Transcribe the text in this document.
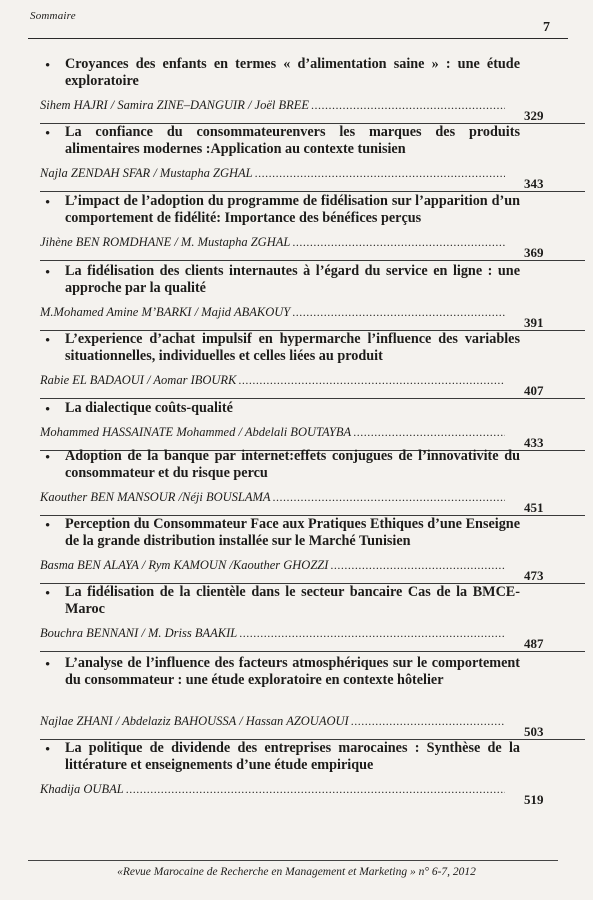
Sommaire
7
• Croyances des enfants en termes « d’alimentation saine » : une étude exploratoire
Sihem HAJRI / Samira ZINE–DANGUIR / Joël BREE
.....
329
• La confiance du consommateurenvers les marques des produits alimentaires modernes :Application au contexte tunisien
Najla ZENDAH SFAR / Mustapha ZGHAL
.....
343
• L’impact de l’adoption du programme de fidélisation sur l’apparition d’un comportement de fidélité: Importance des bénéfices perçus
Jihène BEN ROMDHANE / M. Mustapha ZGHAL
.....
369
• La fidélisation des clients internautes à l’égard du service en ligne : une approche par la qualité
M.Mohamed Amine M’BARKI / Majid ABAKOUY
.....
391
• L’experience d’achat impulsif en hypermarche l’influence des variables situationnelles, individuelles et celles liées au produit
Rabie EL BADAOUI / Aomar IBOURK
.....
407
• La dialectique coûts-qualité
Mohammed HASSAINATE Mohammed / Abdelali BOUTAYBA
.....
433
• Adoption de la banque par internet:effets conjugues de l’innovativite du consommateur et du risque percu
Kaouther BEN MANSOUR /Néji BOUSLAMA
.....
451
• Perception du Consommateur Face aux Pratiques Ethiques d’une Enseigne de la grande distribution installée sur le Marché Tunisien
Basma BEN ALAYA / Rym KAMOUN /Kaouther GHOZZI
.....
473
• La fidélisation de la clientèle dans le secteur bancaire Cas de la BMCE- Maroc
Bouchra BENNANI / M. Driss BAAKIL
.....
487
• L’analyse de l’influence des facteurs atmosphériques sur le comportement du consommateur : une étude exploratoire en contexte hôtelier
Najlae ZHANI / Abdelaziz BAHOUSSA / Hassan AZOUAOUI
.....
503
• La politique de dividende des entreprises marocaines : Synthèse de la littérature et enseignements d’une étude empirique
Khadija OUBAL
.....
519
«Revue Marocaine de Recherche en Management et Marketing » n° 6-7, 2012
